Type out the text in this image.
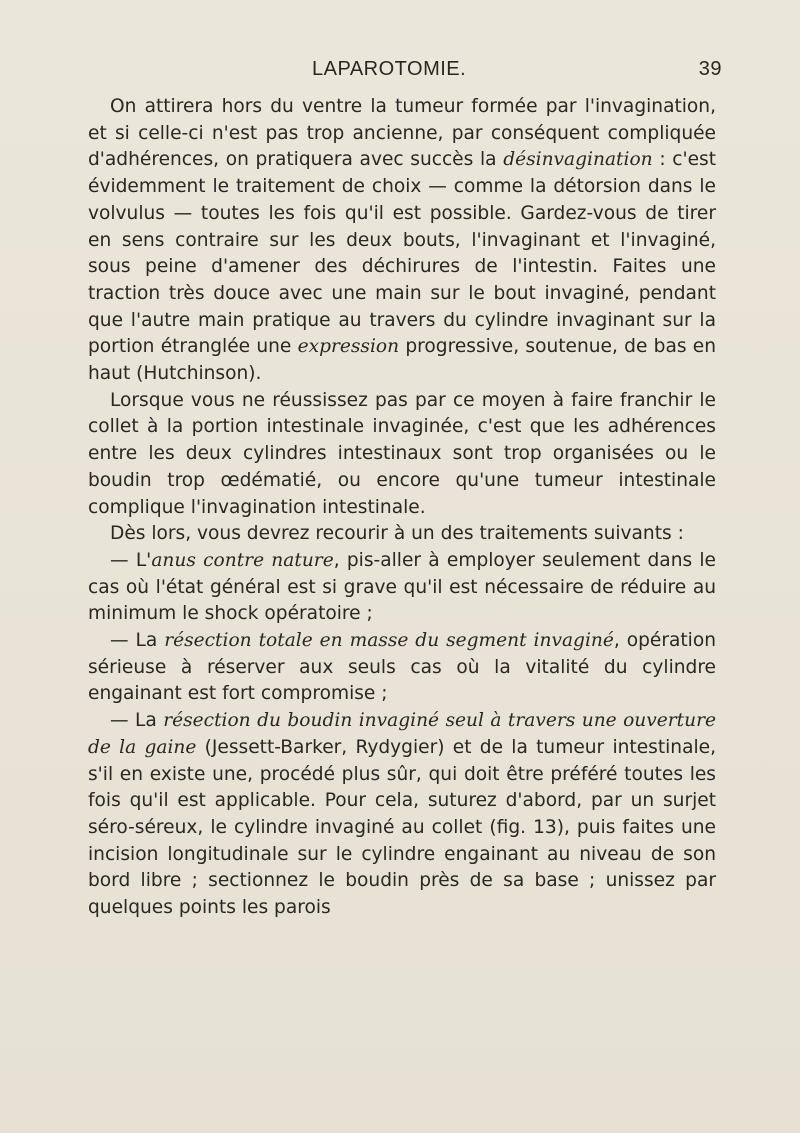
LAPAROTOMIE.	39

On attirera hors du ventre la tumeur formée par l'invagination, et si celle-ci n'est pas trop ancienne, par conséquent compliquée d'adhérences, on pratiquera avec succès la désinvagination : c'est évidemment le traitement de choix — comme la détorsion dans le volvulus — toutes les fois qu'il est possible. Gardez-vous de tirer en sens contraire sur les deux bouts, l'invaginant et l'invaginé, sous peine d'amener des déchirures de l'intestin. Faites une traction très douce avec une main sur le bout invaginé, pendant que l'autre main pratique au travers du cylindre invaginant sur la portion étranglée une expression progressive, soutenue, de bas en haut (Hutchinson).

Lorsque vous ne réussissez pas par ce moyen à faire franchir le collet à la portion intestinale invaginée, c'est que les adhérences entre les deux cylindres intestinaux sont trop organisées ou le boudin trop œdématié, ou encore qu'une tumeur intestinale complique l'invagination intestinale.

Dès lors, vous devrez recourir à un des traitements suivants :

— L'anus contre nature, pis-aller à employer seulement dans le cas où l'état général est si grave qu'il est nécessaire de réduire au minimum le shock opératoire ;

— La résection totale en masse du segment invaginé, opération sérieuse à réserver aux seuls cas où la vitalité du cylindre engainant est fort compromise ;

— La résection du boudin invaginé seul à travers une ouverture de la gaine (Jessett-Barker, Rydygier) et de la tumeur intestinale, s'il en existe une, procédé plus sûr, qui doit être préféré toutes les fois qu'il est applicable. Pour cela, suturez d'abord, par un surjet séro-séreux, le cylindre invaginé au collet (fig. 13), puis faites une incision longitudinale sur le cylindre engainant au niveau de son bord libre ; sectionnez le boudin près de sa base ; unissez par quelques points les parois
